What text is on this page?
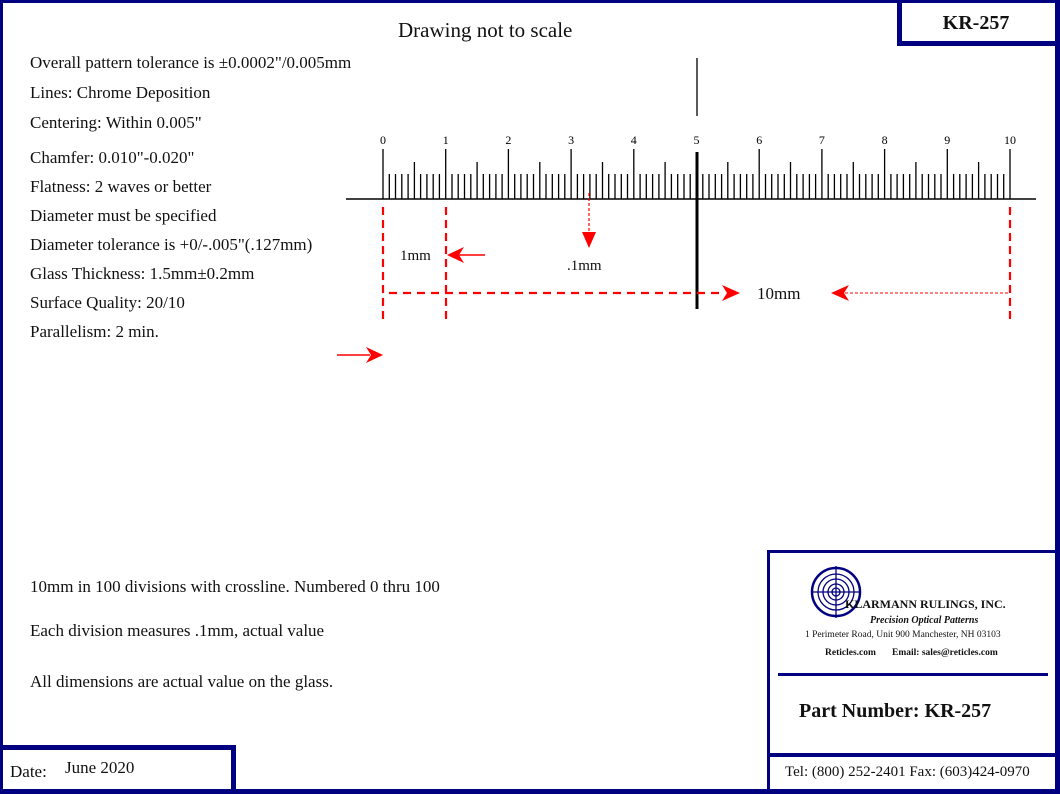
KR-257
Drawing not to scale
Overall pattern tolerance is ±0.0002"/0.005mm
Lines: Chrome Deposition
Centering: Within 0.005"
Chamfer: 0.010"-0.020"
Flatness: 2 waves or better
Diameter must be specified
Diameter tolerance is +0/-.005"(.127mm)
Glass Thickness: 1.5mm±0.2mm
Surface Quality: 20/10
Parallelism: 2 min.
0	1	2	3	4	5	6	7	8	9	10
1mm
.1mm
10mm
10mm in 100 divisions with crossline. Numbered 0 thru 100
Each division measures .1mm, actual value
All dimensions are actual value on the glass.
KLARMANN RULINGS, INC.
Precision Optical Patterns
1 Perimeter Road, Unit 900 Manchester, NH 03103
Reticles.com Email: sales@reticles.com
Part Number: KR-257
Tel: (800) 252-2401 Fax: (603)424-0970
Date: June 2020
